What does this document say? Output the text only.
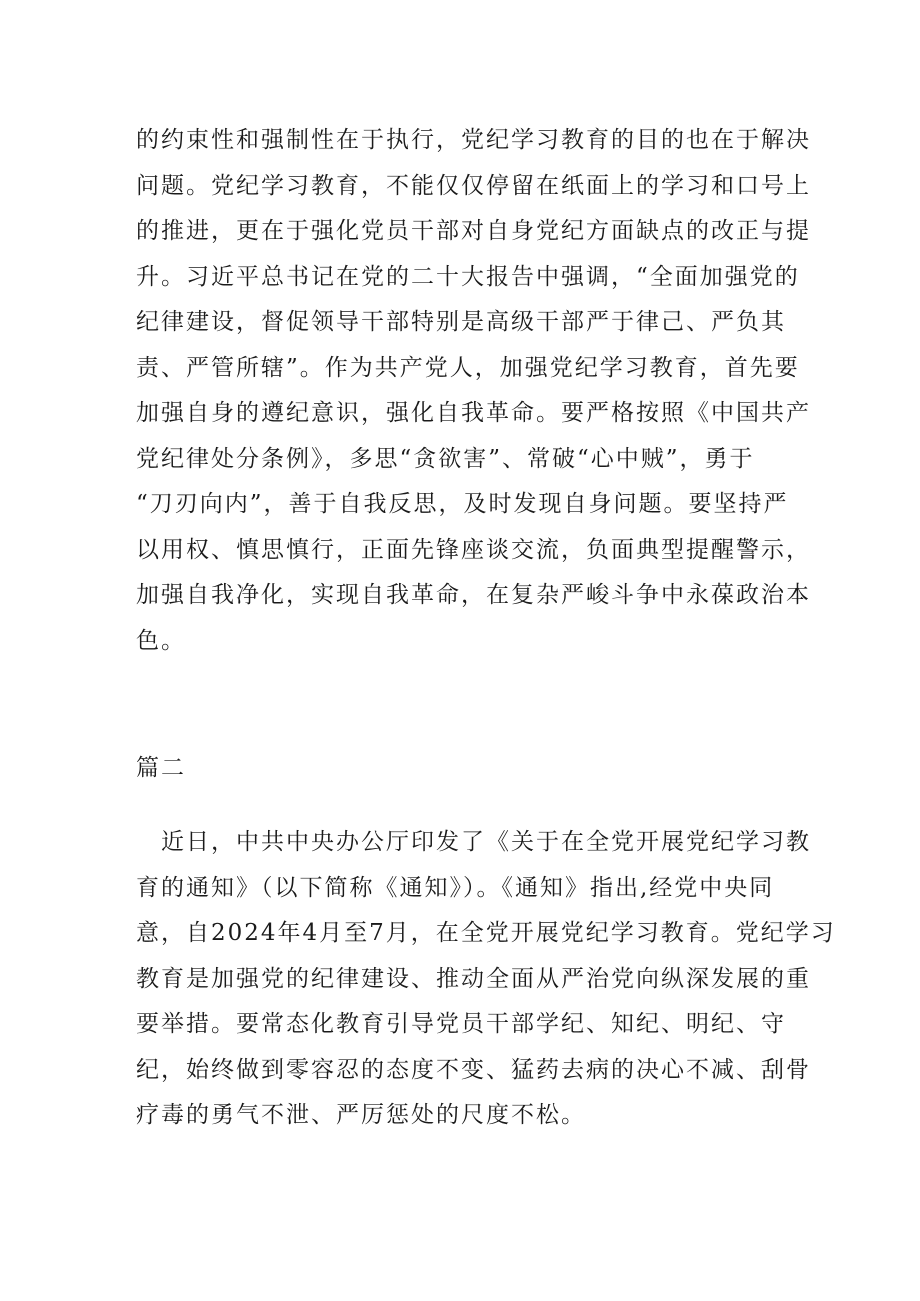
的约束性和强制性在于执行，党纪学习教育的目的也在于解决
问题。党纪学习教育，不能仅仅停留在纸面上的学习和口号上
的推进，更在于强化党员干部对自身党纪方面缺点的改正与提
升。习近平总书记在党的二十大报告中强调，“全面加强党的
纪律建设，督促领导干部特别是高级干部严于律己、严负其
责、严管所辖”。作为共产党人，加强党纪学习教育，首先要
加强自身的遵纪意识，强化自我革命。要严格按照《中国共产
党纪律处分条例》，多思“贪欲害”、常破“心中贼”，勇于
“刀刃向内”，善于自我反思，及时发现自身问题。要坚持严
以用权、慎思慎行，正面先锋座谈交流，负面典型提醒警示，
加强自我净化，实现自我革命，在复杂严峻斗争中永葆政治本
色。
篇二
　近日，中共中央办公厅印发了《关于在全党开展党纪学习教
育的通知》（以下简称《通知》）。《通知》指出,经党中央同
意，自2024年4月至7月，在全党开展党纪学习教育。党纪学习
教育是加强党的纪律建设、推动全面从严治党向纵深发展的重
要举措。要常态化教育引导党员干部学纪、知纪、明纪、守
纪，始终做到零容忍的态度不变、猛药去病的决心不减、刮骨
疗毒的勇气不泄、严厉惩处的尺度不松。
